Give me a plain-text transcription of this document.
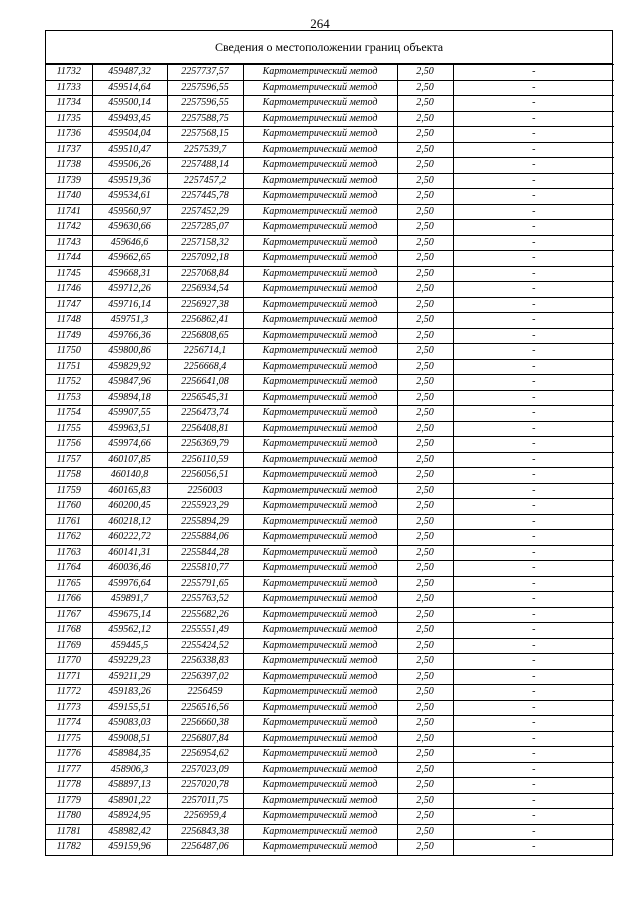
264
Сведения о местоположении границ объекта
11732	459487,32	2257737,57	Картометрический метод	2,50	-
11733	459514,64	2257596,55	Картометрический метод	2,50	-
11734	459500,14	2257596,55	Картометрический метод	2,50	-
11735	459493,45	2257588,75	Картометрический метод	2,50	-
11736	459504,04	2257568,15	Картометрический метод	2,50	-
11737	459510,47	2257539,7	Картометрический метод	2,50	-
11738	459506,26	2257488,14	Картометрический метод	2,50	-
11739	459519,36	2257457,2	Картометрический метод	2,50	-
11740	459534,61	2257445,78	Картометрический метод	2,50	-
11741	459560,97	2257452,29	Картометрический метод	2,50	-
11742	459630,66	2257285,07	Картометрический метод	2,50	-
11743	459646,6	2257158,32	Картометрический метод	2,50	-
11744	459662,65	2257092,18	Картометрический метод	2,50	-
11745	459668,31	2257068,84	Картометрический метод	2,50	-
11746	459712,26	2256934,54	Картометрический метод	2,50	-
11747	459716,14	2256927,38	Картометрический метод	2,50	-
11748	459751,3	2256862,41	Картометрический метод	2,50	-
11749	459766,36	2256808,65	Картометрический метод	2,50	-
11750	459800,86	2256714,1	Картометрический метод	2,50	-
11751	459829,92	2256668,4	Картометрический метод	2,50	-
11752	459847,96	2256641,08	Картометрический метод	2,50	-
11753	459894,18	2256545,31	Картометрический метод	2,50	-
11754	459907,55	2256473,74	Картометрический метод	2,50	-
11755	459963,51	2256408,81	Картометрический метод	2,50	-
11756	459974,66	2256369,79	Картометрический метод	2,50	-
11757	460107,85	2256110,59	Картометрический метод	2,50	-
11758	460140,8	2256056,51	Картометрический метод	2,50	-
11759	460165,83	2256003	Картометрический метод	2,50	-
11760	460200,45	2255923,29	Картометрический метод	2,50	-
11761	460218,12	2255894,29	Картометрический метод	2,50	-
11762	460222,72	2255884,06	Картометрический метод	2,50	-
11763	460141,31	2255844,28	Картометрический метод	2,50	-
11764	460036,46	2255810,77	Картометрический метод	2,50	-
11765	459976,64	2255791,65	Картометрический метод	2,50	-
11766	459891,7	2255763,52	Картометрический метод	2,50	-
11767	459675,14	2255682,26	Картометрический метод	2,50	-
11768	459562,12	2255551,49	Картометрический метод	2,50	-
11769	459445,5	2255424,52	Картометрический метод	2,50	-
11770	459229,23	2256338,83	Картометрический метод	2,50	-
11771	459211,29	2256397,02	Картометрический метод	2,50	-
11772	459183,26	2256459	Картометрический метод	2,50	-
11773	459155,51	2256516,56	Картометрический метод	2,50	-
11774	459083,03	2256660,38	Картометрический метод	2,50	-
11775	459008,51	2256807,84	Картометрический метод	2,50	-
11776	458984,35	2256954,62	Картометрический метод	2,50	-
11777	458906,3	2257023,09	Картометрический метод	2,50	-
11778	458897,13	2257020,78	Картометрический метод	2,50	-
11779	458901,22	2257011,75	Картометрический метод	2,50	-
11780	458924,95	2256959,4	Картометрический метод	2,50	-
11781	458982,42	2256843,38	Картометрический метод	2,50	-
11782	459159,96	2256487,06	Картометрический метод	2,50	-
